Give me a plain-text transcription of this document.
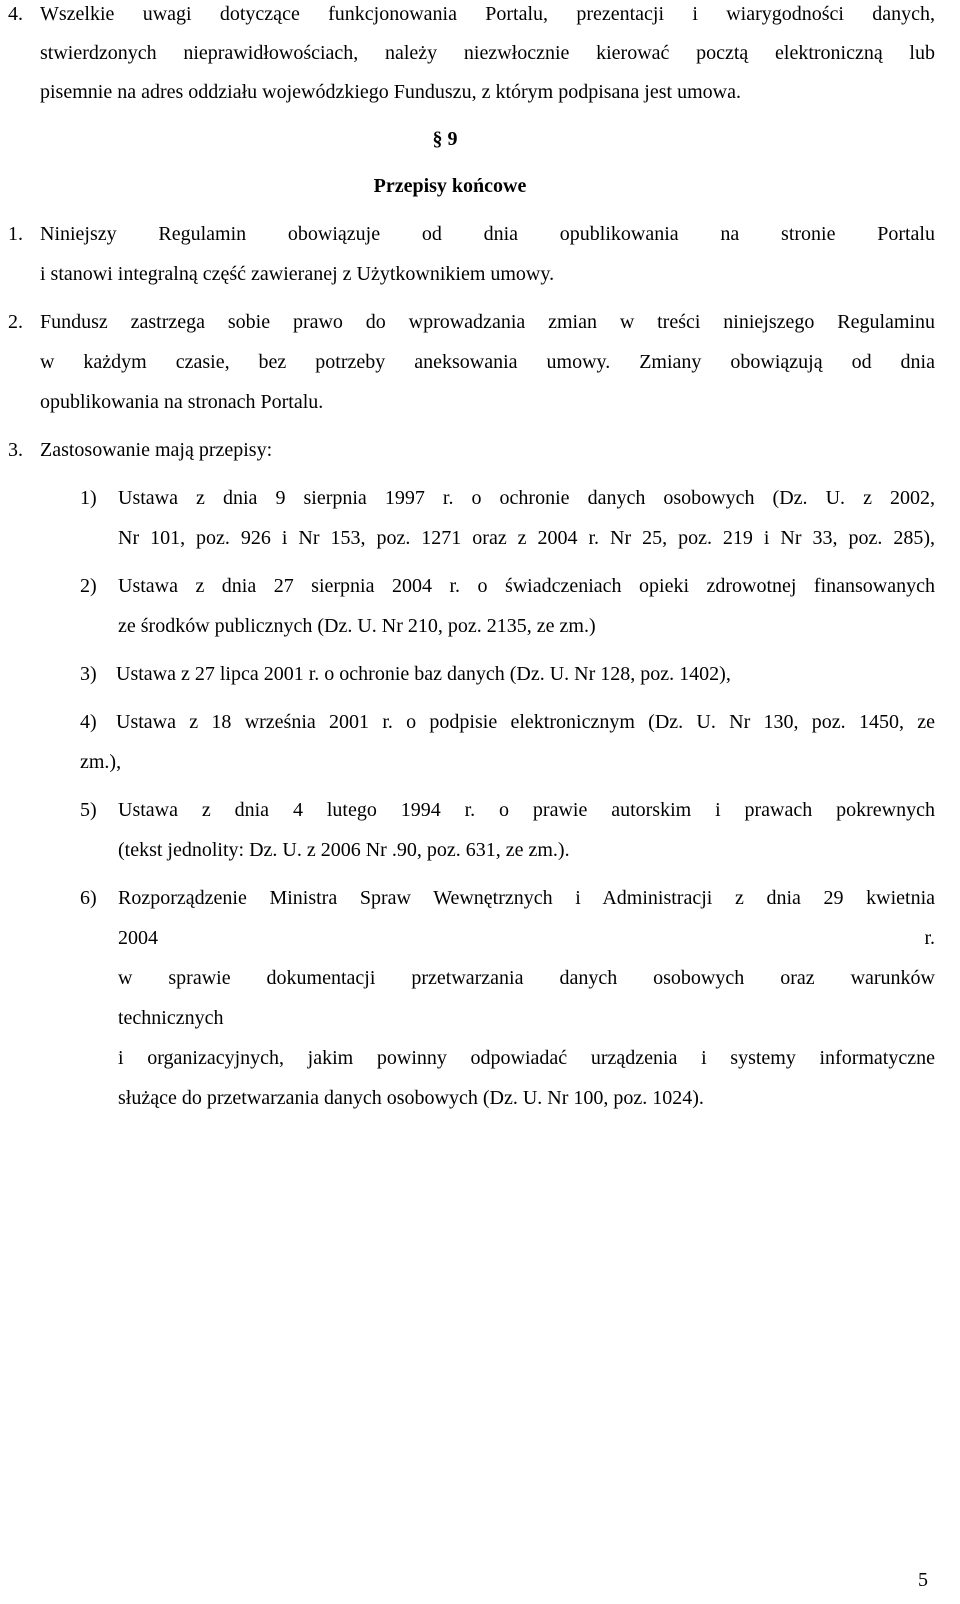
4. Wszelkie uwagi dotyczące funkcjonowania Portalu, prezentacji i wiarygodności danych,
stwierdzonych nieprawidłowościach, należy niezwłocznie kierować pocztą elektroniczną lub
pisemnie na adres oddziału wojewódzkiego Funduszu, z którym podpisana jest umowa.
§ 9
Przepisy końcowe
1. Niniejszy Regulamin obowiązuje od dnia opublikowania na stronie Portalu
i stanowi integralną część zawieranej z Użytkownikiem umowy.
2. Fundusz zastrzega sobie prawo do wprowadzania zmian w treści niniejszego Regulaminu
w każdym czasie, bez potrzeby aneksowania umowy. Zmiany obowiązują od dnia
opublikowania na stronach Portalu.
3. Zastosowanie mają przepisy:
1) Ustawa z dnia 9 sierpnia 1997 r. o ochronie danych osobowych (Dz. U. z 2002,
Nr 101, poz. 926 i Nr 153, poz. 1271 oraz z 2004 r. Nr 25, poz. 219 i Nr 33, poz. 285),
2) Ustawa z dnia 27 sierpnia 2004 r. o świadczeniach opieki zdrowotnej finansowanych
ze środków publicznych (Dz. U. Nr 210, poz. 2135, ze zm.)
3) Ustawa z 27 lipca 2001 r. o ochronie baz danych (Dz. U. Nr 128, poz. 1402),
4) Ustawa z 18 września 2001 r. o podpisie elektronicznym (Dz. U. Nr 130, poz. 1450, ze
zm.),
5) Ustawa z dnia 4 lutego 1994 r. o prawie autorskim i prawach pokrewnych
(tekst jednolity: Dz. U. z 2006 Nr .90, poz. 631, ze zm.).
6) Rozporządzenie Ministra Spraw Wewnętrznych i Administracji z dnia 29 kwietnia
2004 r.
w sprawie dokumentacji przetwarzania danych osobowych oraz warunków
technicznych
i organizacyjnych, jakim powinny odpowiadać urządzenia i systemy informatyczne
służące do przetwarzania danych osobowych (Dz. U. Nr 100, poz. 1024).
5
